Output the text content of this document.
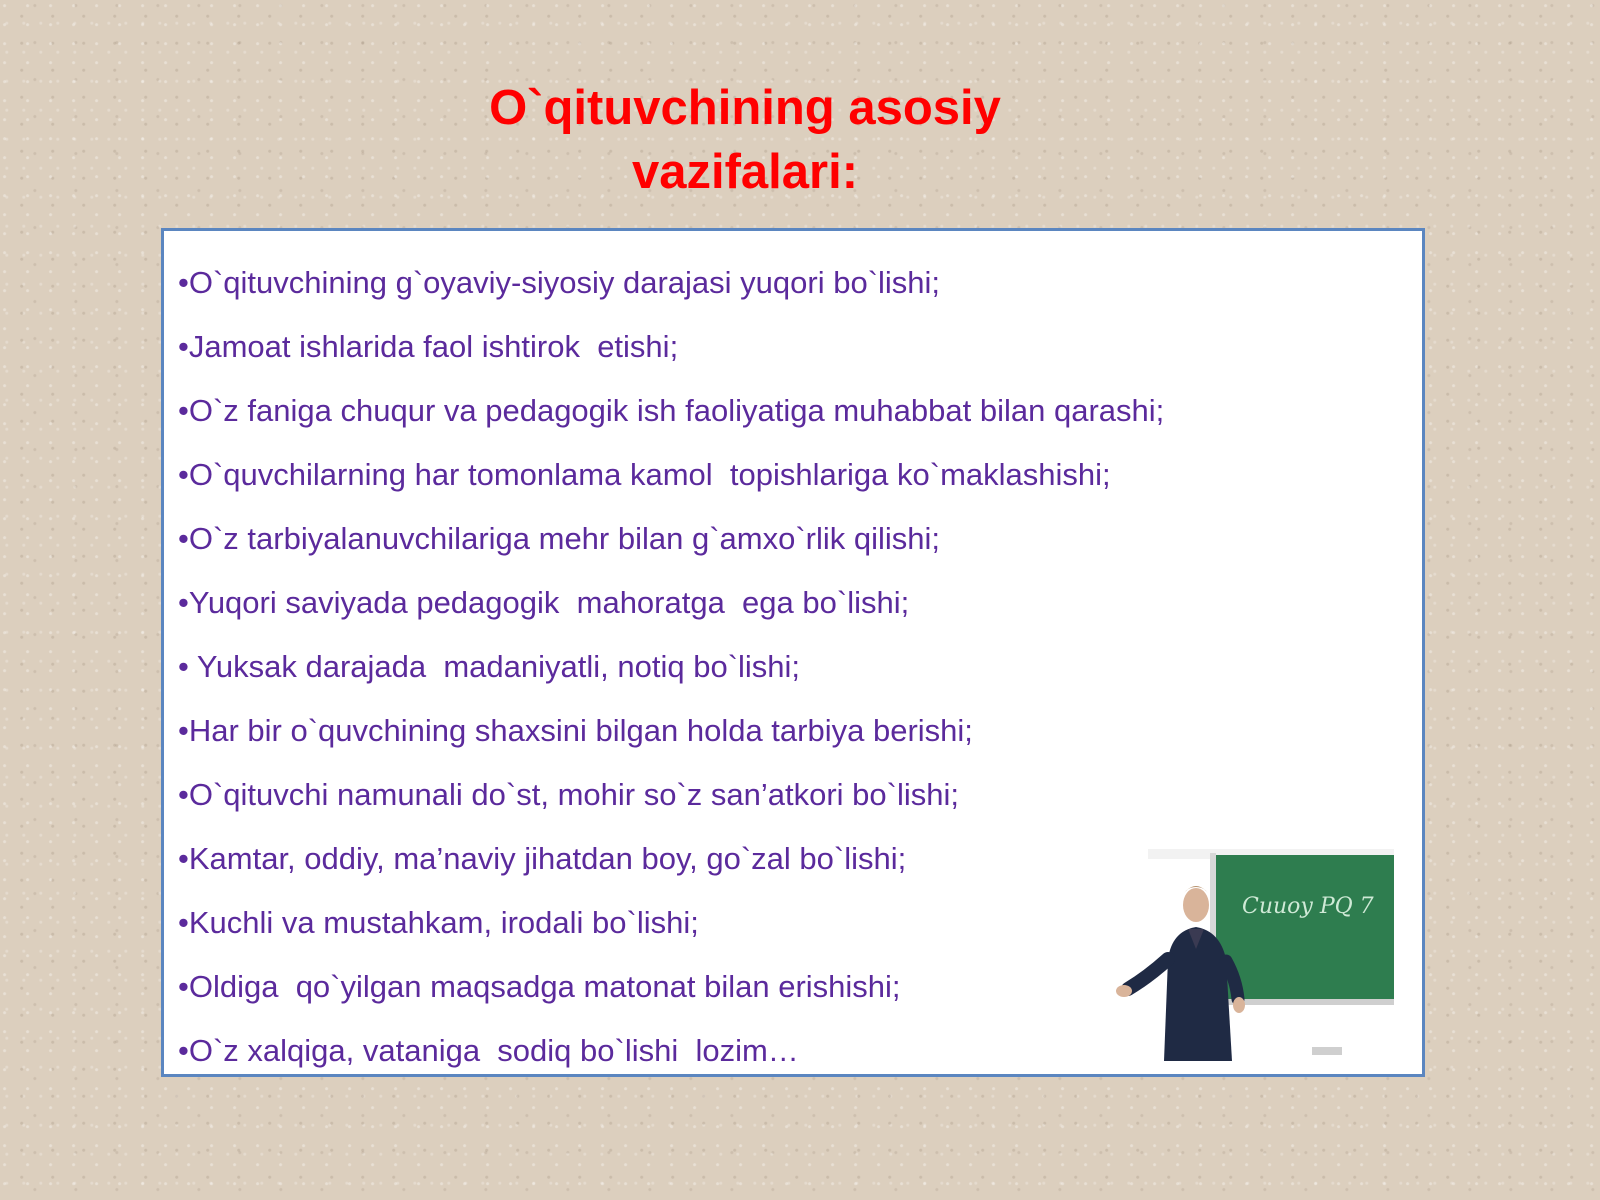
O`qituvchining asosiy
vazifalari:
•O`qituvchining g`oyaviy-siyosiy darajasi yuqori bo`lishi;
•Jamoat ishlarida faol ishtirok  etishi;
•O`z faniga chuqur va pedagogik ish faoliyatiga muhabbat bilan qarashi;
•O`quvchilarning har tomonlama kamol  topishlariga ko`maklashishi;
•O`z tarbiyalanuvchilariga mehr bilan g`amxo`rlik qilishi;
•Yuqori saviyada pedagogik  mahoratga  ega bo`lishi;
• Yuksak darajada  madaniyatli, notiq bo`lishi;
•Har bir o`quvchining shaxsini bilgan holda tarbiya berishi;
•O`qituvchi namunali do`st, mohir so`z san’atkori bo`lishi;
•Kamtar, oddiy, ma’naviy jihatdan boy, go`zal bo`lishi;
•Kuchli va mustahkam, irodali bo`lishi;
•Oldiga  qo`yilgan maqsadga matonat bilan erishishi;
•O`z xalqiga, vataniga  sodiq bo`lishi  lozim…
Cuuoy PQ 7
